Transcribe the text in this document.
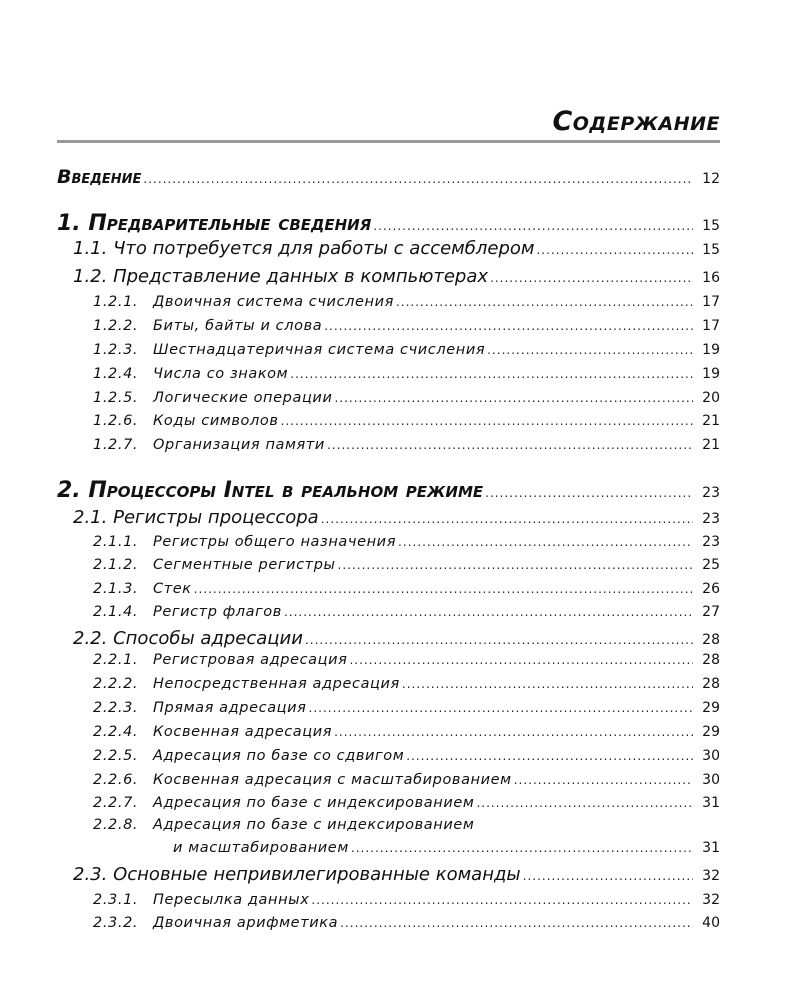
Содержание
Введение .....	12
1. Предварительные сведения .....	15
1.1. Что потребуется для работы с ассемблером .....	15
1.2. Представление данных в компьютерах .....	16
1.2.1. Двоичная система счисления .....	17
1.2.2. Биты, байты и слова .....	17
1.2.3. Шестнадцатеричная система счисления .....	19
1.2.4. Числа со знаком .....	19
1.2.5. Логические операции .....	20
1.2.6. Коды символов .....	21
1.2.7. Организация памяти .....	21
2. Процессоры Intel в реальном режиме .....	23
2.1. Регистры процессора .....	23
2.1.1. Регистры общего назначения .....	23
2.1.2. Сегментные регистры .....	25
2.1.3. Стек .....	26
2.1.4. Регистр флагов .....	27
2.2. Способы адресации .....	28
2.2.1. Регистровая адресация .....	28
2.2.2. Непосредственная адресация .....	28
2.2.3. Прямая адресация .....	29
2.2.4. Косвенная адресация .....	29
2.2.5. Адресация по базе со сдвигом .....	30
2.2.6. Косвенная адресация с масштабированием .....	30
2.2.7. Адресация по базе с индексированием .....	31
2.2.8. Адресация по базе с индексированием
и масштабированием .....	31
2.3. Основные непривилегированные команды .....	32
2.3.1. Пересылка данных .....	32
2.3.2. Двоичная арифметика .....	40
